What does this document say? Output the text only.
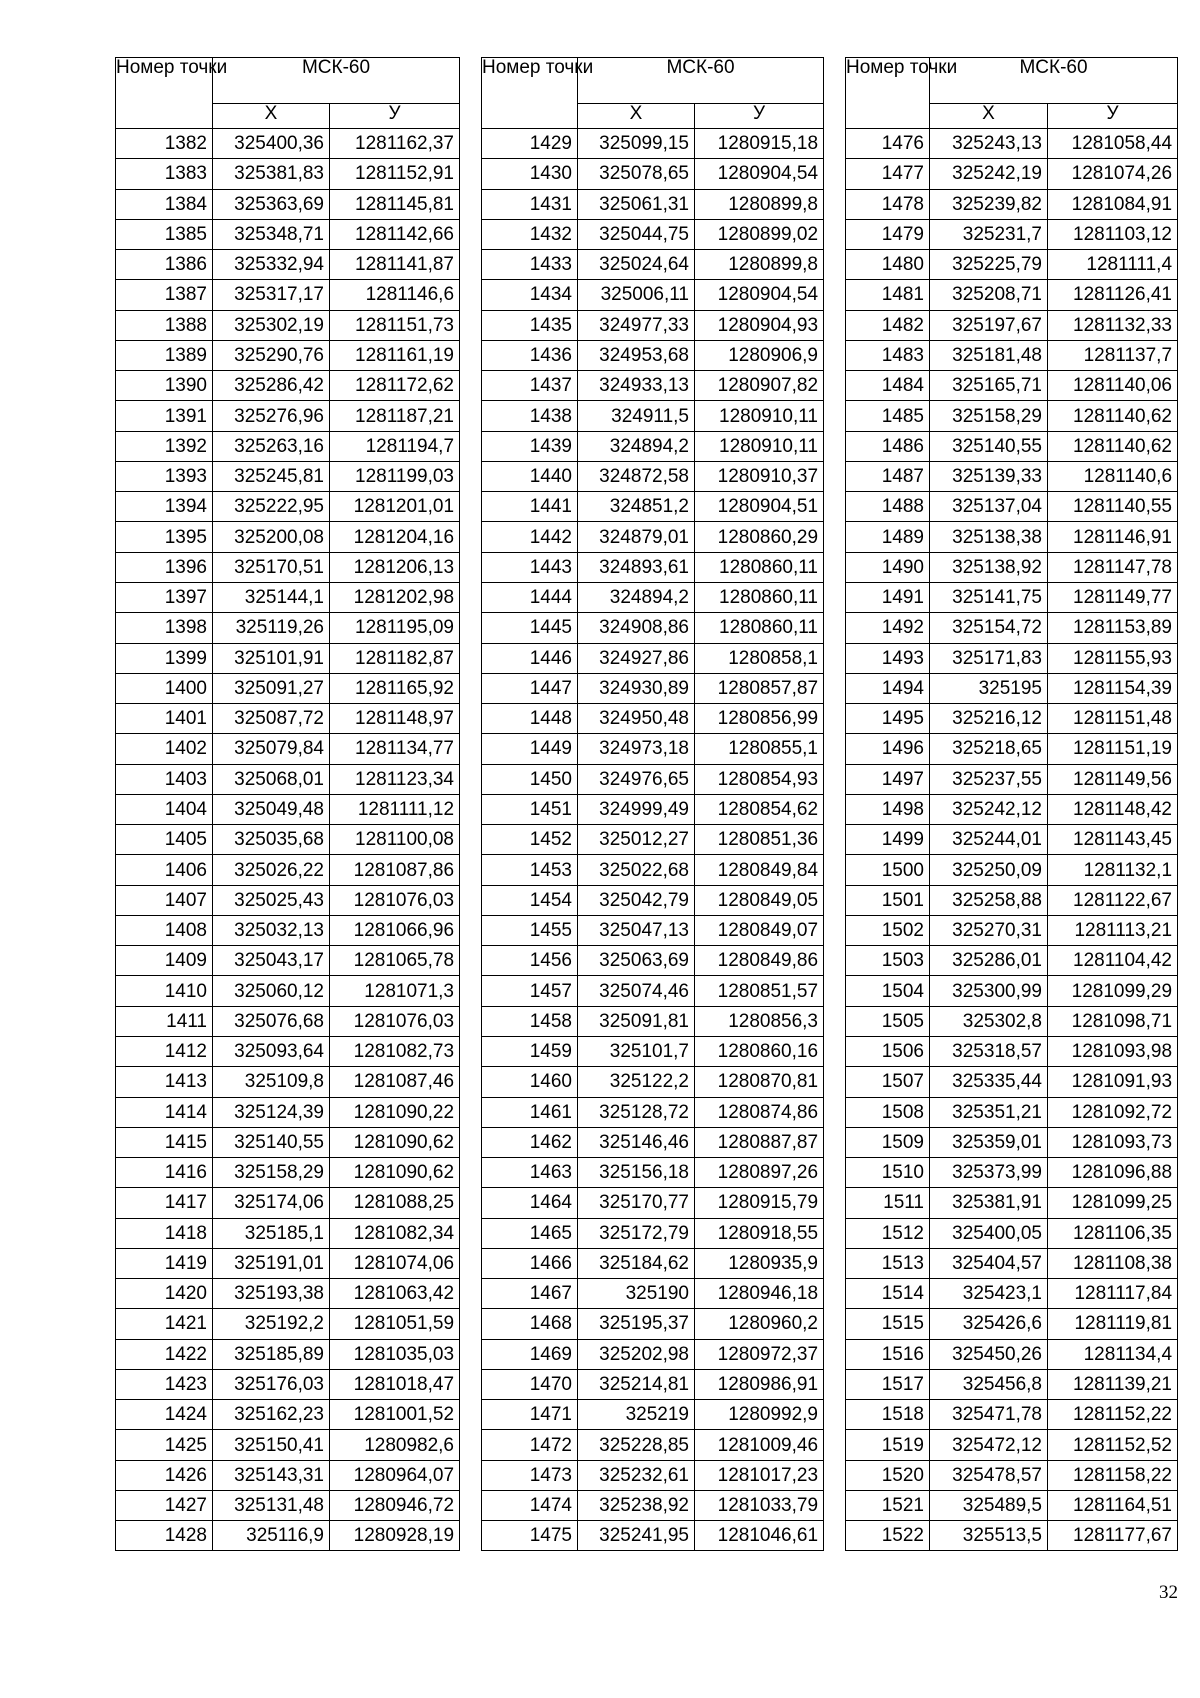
Номер точки	МСК-60	
	Х	У
1382	325400,36	1281162,37
1383	325381,83	1281152,91
1384	325363,69	1281145,81
1385	325348,71	1281142,66
1386	325332,94	1281141,87
1387	325317,17	1281146,6
1388	325302,19	1281151,73
1389	325290,76	1281161,19
1390	325286,42	1281172,62
1391	325276,96	1281187,21
1392	325263,16	1281194,7
1393	325245,81	1281199,03
1394	325222,95	1281201,01
1395	325200,08	1281204,16
1396	325170,51	1281206,13
1397	325144,1	1281202,98
1398	325119,26	1281195,09
1399	325101,91	1281182,87
1400	325091,27	1281165,92
1401	325087,72	1281148,97
1402	325079,84	1281134,77
1403	325068,01	1281123,34
1404	325049,48	1281111,12
1405	325035,68	1281100,08
1406	325026,22	1281087,86
1407	325025,43	1281076,03
1408	325032,13	1281066,96
1409	325043,17	1281065,78
1410	325060,12	1281071,3
1411	325076,68	1281076,03
1412	325093,64	1281082,73
1413	325109,8	1281087,46
1414	325124,39	1281090,22
1415	325140,55	1281090,62
1416	325158,29	1281090,62
1417	325174,06	1281088,25
1418	325185,1	1281082,34
1419	325191,01	1281074,06
1420	325193,38	1281063,42
1421	325192,2	1281051,59
1422	325185,89	1281035,03
1423	325176,03	1281018,47
1424	325162,23	1281001,52
1425	325150,41	1280982,6
1426	325143,31	1280964,07
1427	325131,48	1280946,72
1428	325116,9	1280928,19
Номер точки	МСК-60	
	Х	У
1429	325099,15	1280915,18
1430	325078,65	1280904,54
1431	325061,31	1280899,8
1432	325044,75	1280899,02
1433	325024,64	1280899,8
1434	325006,11	1280904,54
1435	324977,33	1280904,93
1436	324953,68	1280906,9
1437	324933,13	1280907,82
1438	324911,5	1280910,11
1439	324894,2	1280910,11
1440	324872,58	1280910,37
1441	324851,2	1280904,51
1442	324879,01	1280860,29
1443	324893,61	1280860,11
1444	324894,2	1280860,11
1445	324908,86	1280860,11
1446	324927,86	1280858,1
1447	324930,89	1280857,87
1448	324950,48	1280856,99
1449	324973,18	1280855,1
1450	324976,65	1280854,93
1451	324999,49	1280854,62
1452	325012,27	1280851,36
1453	325022,68	1280849,84
1454	325042,79	1280849,05
1455	325047,13	1280849,07
1456	325063,69	1280849,86
1457	325074,46	1280851,57
1458	325091,81	1280856,3
1459	325101,7	1280860,16
1460	325122,2	1280870,81
1461	325128,72	1280874,86
1462	325146,46	1280887,87
1463	325156,18	1280897,26
1464	325170,77	1280915,79
1465	325172,79	1280918,55
1466	325184,62	1280935,9
1467	325190	1280946,18
1468	325195,37	1280960,2
1469	325202,98	1280972,37
1470	325214,81	1280986,91
1471	325219	1280992,9
1472	325228,85	1281009,46
1473	325232,61	1281017,23
1474	325238,92	1281033,79
1475	325241,95	1281046,61
Номер точки	МСК-60	
	Х	У
1476	325243,13	1281058,44
1477	325242,19	1281074,26
1478	325239,82	1281084,91
1479	325231,7	1281103,12
1480	325225,79	1281111,4
1481	325208,71	1281126,41
1482	325197,67	1281132,33
1483	325181,48	1281137,7
1484	325165,71	1281140,06
1485	325158,29	1281140,62
1486	325140,55	1281140,62
1487	325139,33	1281140,6
1488	325137,04	1281140,55
1489	325138,38	1281146,91
1490	325138,92	1281147,78
1491	325141,75	1281149,77
1492	325154,72	1281153,89
1493	325171,83	1281155,93
1494	325195	1281154,39
1495	325216,12	1281151,48
1496	325218,65	1281151,19
1497	325237,55	1281149,56
1498	325242,12	1281148,42
1499	325244,01	1281143,45
1500	325250,09	1281132,1
1501	325258,88	1281122,67
1502	325270,31	1281113,21
1503	325286,01	1281104,42
1504	325300,99	1281099,29
1505	325302,8	1281098,71
1506	325318,57	1281093,98
1507	325335,44	1281091,93
1508	325351,21	1281092,72
1509	325359,01	1281093,73
1510	325373,99	1281096,88
1511	325381,91	1281099,25
1512	325400,05	1281106,35
1513	325404,57	1281108,38
1514	325423,1	1281117,84
1515	325426,6	1281119,81
1516	325450,26	1281134,4
1517	325456,8	1281139,21
1518	325471,78	1281152,22
1519	325472,12	1281152,52
1520	325478,57	1281158,22
1521	325489,5	1281164,51
1522	325513,5	1281177,67
32
